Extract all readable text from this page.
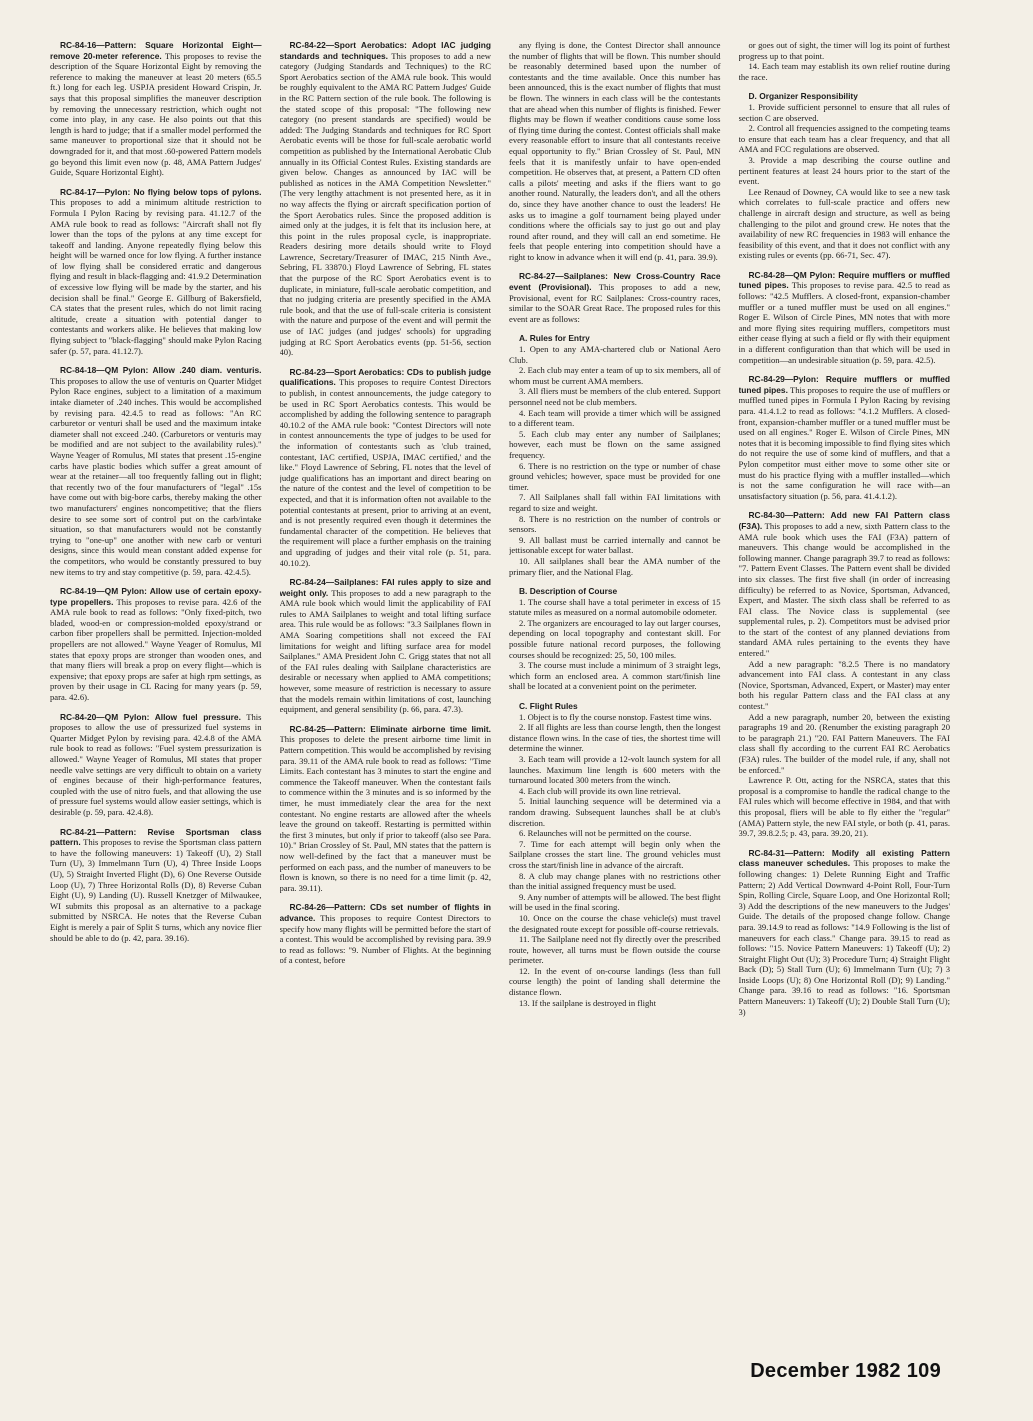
RC-84-16—Pattern: Square Horizontal Eight—remove 20-meter reference. This proposes to revise the description of the Square Horizontal Eight by removing the reference to making the maneuver at least 20 meters (65.5 ft.) long for each leg. USPJA president Howard Crispin, Jr. says that this proposal simplifies the maneuver description by removing the unnecessary restriction, which ought not come into play, in any case. He also points out that this length is hard to judge; that if a smaller model performed the same maneuver to proportional size that it should not be downgraded for it, and that most .60-powered Pattern models go beyond this limit even now (p. 48, AMA Pattern Judges' Guide, Square Horizontal Eight).

RC-84-17—Pylon: No flying below tops of pylons. This proposes to add a minimum altitude restriction to Formula I Pylon Racing by revising para. 41.12.7 of the AMA rule book to read as follows: "Aircraft shall not fly lower than the tops of the pylons at any time except for takeoff and landing. Anyone repeatedly flying below this height will be warned once for low flying. A further instance of low flying shall be considered erratic and dangerous flying and result in black-flagging and: 41.9.2 Determination of excessive low flying will be made by the starter, and his decision shall be final." George E. Gillburg of Bakersfield, CA states that the present rules, which do not limit racing altitude, create a situation with potential danger to contestants and workers alike. He believes that making low flying subject to "black-flagging" should make Pylon Racing safer (p. 57, para. 41.12.7).

RC-84-18—QM Pylon: Allow .240 diam. venturis. This proposes to allow the use of venturis on Quarter Midget Pylon Race engines, subject to a limitation of a maximum intake diameter of .240 inches. This would be accomplished by revising para. 42.4.5 to read as follows: "An RC carburetor or venturi shall be used and the maximum intake diameter shall not exceed .240. (Carburetors or venturis may be modified and are not subject to the availability rules)." Wayne Yeager of Romulus, MI states that present .15-engine carbs have plastic bodies which suffer a great amount of wear at the retainer—all too frequently falling out in flight; that recently two of the four manufacturers of "legal" .15s have come out with big-bore carbs, thereby making the other two manufacturers' engines noncompetitive; that the fliers desire to see some sort of control put on the carb/intake situation, so that manufacturers would not be constantly trying to "one-up" one another with new carb or venturi designs, since this would mean constant added expense for the competitors, who would be constantly pressured to buy new items to try and stay competitive (p. 59, para. 42.4.5).

RC-84-19—QM Pylon: Allow use of certain epoxy-type propellers. This proposes to revise para. 42.6 of the AMA rule book to read as follows: "Only fixed-pitch, two bladed, wood-en or compression-molded epoxy/strand or carbon fiber propellers shall be permitted. Injection-molded propellers are not allowed." Wayne Yeager of Romulus, MI states that epoxy props are stronger than wooden ones, and that many fliers will break a prop on every flight—which is expensive; that epoxy props are safer at high rpm settings, as proven by their usage in CL Racing for many years (p. 59, para. 42.6).

RC-84-20—QM Pylon: Allow fuel pressure. This proposes to allow the use of pressurized fuel systems in Quarter Midget Pylon by revising para. 42.4.8 of the AMA rule book to read as follows: "Fuel system pressurization is allowed." Wayne Yeager of Romulus, MI states that proper needle valve settings are very difficult to obtain on a variety of engines because of their high-performance features, coupled with the use of nitro fuels, and that allowing the use of pressure fuel systems would allow easier settings, which is desirable (p. 59, para. 42.4.8).

RC-84-21—Pattern: Revise Sportsman class pattern. This proposes to revise the Sportsman class pattern to have the following maneuvers: 1) Takeoff (U), 2) Stall Turn (U), 3) Immelmann Turn (U), 4) Three Inside Loops (U), 5) Straight Inverted Flight (D), 6) One Reverse Outside Loop (U), 7) Three Horizontal Rolls (D), 8) Reverse Cuban Eight (U), 9) Landing (U). Russell Knetzger of Milwaukee, WI submits this proposal as an alternative to a package submitted by NSRCA. He notes that the Reverse Cuban Eight is merely a pair of Split S turns, which any novice flier should be able to do (p. 42, para. 39.16).

RC-84-22—Sport Aerobatics: Adopt IAC judging standards and techniques. This proposes to add a new category (Judging Standards and Techniques) to the RC Sport Aerobatics section of the AMA rule book. This would be roughly equivalent to the AMA RC Pattern Judges' Guide in the RC Pattern section of the rule book. The following is the stated scope of this proposal: "The following new category (no present standards are specified) would be added: The Judging Standards and techniques for RC Sport Aerobatic events will be those for full-scale aerobatic world competition as published by the International Aerobatic Club annually in its Official Contest Rules. Existing standards are given below. Changes as announced by IAC will be published as notices in the AMA Competition Newsletter." (The very lengthy attachment is not presented here, as it in no way affects the flying or aircraft specification portion of the Sport Aerobatics rules. Since the proposed addition is aimed only at the judges, it is felt that its inclusion here, at this point in the rules proposal cycle, is inappropriate. Readers desiring more details should write to Floyd Lawrence, Secretary/Treasurer of IMAC, 215 Ninth Ave., Sebring, FL 33870.) Floyd Lawrence of Sebring, FL states that the purpose of the RC Sport Aerobatics event is to duplicate, in miniature, full-scale aerobatic competition, and that no judging criteria are presently specified in the AMA rule book, and that the use of full-scale criteria is consistent with the nature and purpose of the event and will permit the use of IAC judges (and judges' schools) for upgrading judging at RC Sport Aerobatics events (pp. 51-56, section 40).

RC-84-23—Sport Aerobatics: CDs to publish judge qualifications. This proposes to require Contest Directors to publish, in contest announcements, the judge category to be used in RC Sport Aerobatics contests. This would be accomplished by adding the following sentence to paragraph 40.10.2 of the AMA rule book: "Contest Directors will note in contest announcements the type of judges to be used for the information of contestants such as 'club trained, contestant, IAC certified, USPJA, IMAC certified,' and the like." Floyd Lawrence of Sebring, FL notes that the level of judge qualifications has an important and direct bearing on the nature of the contest and the level of competition to be expected, and that it is information often not available to the potential contestants at present, prior to arriving at an event, and is not presently required even though it determines the fundamental character of the competition. He believes that the requirement will place a further emphasis on the training and upgrading of judges and their vital role (p. 51, para. 40.10.2).

RC-84-24—Sailplanes: FAI rules apply to size and weight only. This proposes to add a new paragraph to the AMA rule book which would limit the applicability of FAI rules to AMA Sailplanes to weight and total lifting surface area. This rule would be as follows: "3.3 Sailplanes flown in AMA Soaring competitions shall not exceed the FAI limitations for weight and lifting surface area for model Sailplanes." AMA President John C. Grigg states that not all of the FAI rules dealing with Sailplane characteristics are desirable or necessary when applied to AMA competitions; however, some measure of restriction is necessary to assure that the models remain within limitations of cost, launching equipment, and general sensibility (p. 66, para. 47.3).

RC-84-25—Pattern: Eliminate airborne time limit. This proposes to delete the present airborne time limit in Pattern competition. This would be accomplished by revising para. 39.11 of the AMA rule book to read as follows: "Time Limits. Each contestant has 3 minutes to start the engine and commence the Takeoff maneuver. When the contestant fails to commence within the 3 minutes and is so informed by the timer, he must immediately clear the area for the next contestant. No engine restarts are allowed after the wheels leave the ground on takeoff. Restarting is permitted within the first 3 minutes, but only if prior to takeoff (also see Para. 10)." Brian Crossley of St. Paul, MN states that the pattern is now well-defined by the fact that a maneuver must be performed on each pass, and the number of maneuvers to be flown is known, so there is no need for a time limit (p. 42, para. 39.11).

RC-84-26—Pattern: CDs set number of flights in advance. This proposes to require Contest Directors to specify how many flights will be permitted before the start of a contest. This would be accomplished by revising para. 39.9 to read as follows: "9. Number of Flights. At the beginning of a contest, before

any flying is done, the Contest Director shall announce the number of flights that will be flown. This number should be reasonably determined based upon the number of contestants and the time available. Once this number has been announced, this is the exact number of flights that must be flown. The winners in each class will be the contestants that are ahead when this number of flights is finished. Fewer flights may be flown if weather conditions cause some loss of flying time during the contest. Contest officials shall make every reasonable effort to insure that all contestants receive equal opportunity to fly." Brian Crossley of St. Paul, MN feels that it is manifestly unfair to have open-ended competition. He observes that, at present, a Pattern CD often calls a pilots' meeting and asks if the fliers want to go another round. Naturally, the leaders don't, and all the others do, since they have another chance to oust the leaders! He asks us to imagine a golf tournament being played under conditions where the officials say to just go out and play round after round, and they will call an end sometime. He feels that people entering into competition should have a right to know in advance when it will end (p. 41, para. 39.9).

RC-84-27—Sailplanes: New Cross-Country Race event (Provisional). This proposes to add a new, Provisional, event for RC Sailplanes: Cross-country races, similar to the SOAR Great Race. The proposed rules for this event are as follows:

A. Rules for Entry

1. Open to any AMA-chartered club or National Aero Club.

2. Each club may enter a team of up to six members, all of whom must be current AMA members.

3. All fliers must be members of the club entered. Support personnel need not be club members.

4. Each team will provide a timer which will be assigned to a different team.

5. Each club may enter any number of Sailplanes; however, each must be flown on the same assigned frequency.

6. There is no restriction on the type or number of chase ground vehicles; however, space must be provided for one timer.

7. All Sailplanes shall fall within FAI limitations with regard to size and weight.

8. There is no restriction on the number of controls or sensors.

9. All ballast must be carried internally and cannot be jettisonable except for water ballast.

10. All sailplanes shall bear the AMA number of the primary flier, and the National Flag.

B. Description of Course

1. The course shall have a total perimeter in excess of 15 statute miles as measured on a normal automobile odometer.

2. The organizers are encouraged to lay out larger courses, depending on local topography and contestant skill. For possible future national record purposes, the following courses should be recognized: 25, 50, 100 miles.

3. The course must include a minimum of 3 straight legs, which form an enclosed area. A common start/finish line shall be located at a convenient point on the perimeter.

C. Flight Rules

1. Object is to fly the course nonstop. Fastest time wins.

2. If all flights are less than course length, then the longest distance flown wins. In the case of ties, the shortest time will determine the winner.

3. Each team will provide a 12-volt launch system for all launches. Maximum line length is 600 meters with the turnaround located 300 meters from the winch.

4. Each club will provide its own line retrieval.

5. Initial launching sequence will be determined via a random drawing. Subsequent launches shall be at club's discretion.

6. Relaunches will not be permitted on the course.

7. Time for each attempt will begin only when the Sailplane crosses the start line. The ground vehicles must cross the start/finish line in advance of the aircraft.

8. A club may change planes with no restrictions other than the initial assigned frequency must be used.

9. Any number of attempts will be allowed. The best flight will be used in the final scoring.

10. Once on the course the chase vehicle(s) must travel the designated route except for possible off-course retrievals.

11. The Sailplane need not fly directly over the prescribed route, however, all turns must be flown outside the course perimeter.

12. In the event of on-course landings (less than full course length) the point of landing shall determine the distance flown.

13. If the sailplane is destroyed in flight

or goes out of sight, the timer will log its point of furthest progress up to that point.

14. Each team may establish its own relief routine during the race.

D. Organizer Responsibility

1. Provide sufficient personnel to ensure that all rules of section C are observed.

2. Control all frequencies assigned to the competing teams to ensure that each team has a clear frequency, and that all AMA and FCC regulations are observed.

3. Provide a map describing the course outline and pertinent features at least 24 hours prior to the start of the event.

Lee Renaud of Downey, CA would like to see a new task which correlates to full-scale practice and offers new challenge in aircraft design and structure, as well as being challenging to the pilot and ground crew. He notes that the availability of new RC frequencies in 1983 will enhance the feasibility of this event, and that it does not conflict with any existing rules or events (pp. 66-71, Sec. 47).

RC-84-28—QM Pylon: Require mufflers or muffled tuned pipes. This proposes to revise para. 42.5 to read as follows: "42.5 Mufflers. A closed-front, expansion-chamber muffler or a tuned muffler must be used on all engines." Roger E. Wilson of Circle Pines, MN notes that with more and more flying sites requiring mufflers, competitors must either cease flying at such a field or fly with their equipment in a different configuration than that which will be used in competition—an undesirable situation (p. 59, para. 42.5).

RC-84-29—Pylon: Require mufflers or muffled tuned pipes. This proposes to require the use of mufflers or muffled tuned pipes in Formula I Pylon Racing by revising para. 41.4.1.2 to read as follows: "4.1.2 Mufflers. A closed-front, expansion-chamber muffler or a tuned muffler must be used on all engines." Roger E. Wilson of Circle Pines, MN notes that it is becoming impossible to find flying sites which do not require the use of some kind of mufflers, and that a Pylon competitor must either move to some other site or must do his practice flying with a muffler installed—which is not the same configuration he will race with—an unsatisfactory situation (p. 56, para. 41.4.1.2).

RC-84-30—Pattern: Add new FAI Pattern class (F3A). This proposes to add a new, sixth Pattern class to the AMA rule book which uses the FAI (F3A) pattern of maneuvers. This change would be accomplished in the following manner. Change paragraph 39.7 to read as follows: "7. Pattern Event Classes. The Pattern event shall be divided into six classes. The first five shall (in order of increasing difficulty) be referred to as Novice, Sportsman, Advanced, Expert, and Master. The sixth class shall be referred to as FAI class. The Novice class is supplemental (see supplemental rules, p. 2). Competitors must be advised prior to the start of the contest of any planned deviations from standard AMA rules pertaining to the events they have entered."

Add a new paragraph: "8.2.5 There is no mandatory advancement into FAI class. A contestant in any class (Novice, Sportsman, Advanced, Expert, or Master) may enter both his regular Pattern class and the FAI class at any contest."

Add a new paragraph, number 20, between the existing paragraphs 19 and 20. (Renumber the existing paragraph 20 to be paragraph 21.) "20. FAI Pattern Maneuvers. The FAI class shall fly according to the current FAI RC Aerobatics (F3A) rules. The builder of the model rule, if any, shall not be enforced."

Lawrence P. Ott, acting for the NSRCA, states that this proposal is a compromise to handle the radical change to the FAI rules which will become effective in 1984, and that with this proposal, fliers will be able to fly either the "regular" (AMA) Pattern style, the new FAI style, or both (p. 41, paras. 39.7, 39.8.2.5; p. 43, para. 39.20, 21).

RC-84-31—Pattern: Modify all existing Pattern class maneuver schedules. This proposes to make the following changes: 1) Delete Running Eight and Traffic Pattern; 2) Add Vertical Downward 4-Point Roll, Four-Turn Spin, Rolling Circle, Square Loop, and One Horizontal Roll; 3) Add the descriptions of the new maneuvers to the Judges' Guide. The details of the proposed change follow. Change para. 39.14.9 to read as follows: "14.9 Following is the list of maneuvers for each class." Change para. 39.15 to read as follows: "15. Novice Pattern Maneuvers: 1) Takeoff (U); 2) Straight Flight Out (U); 3) Procedure Turn; 4) Straight Flight Back (D); 5) Stall Turn (U); 6) Immelmann Turn (U); 7) 3 Inside Loops (U); 8) One Horizontal Roll (D); 9) Landing." Change para. 39.16 to read as follows: "16. Sportsman Pattern Maneuvers: 1) Takeoff (U); 2) Double Stall Turn (U); 3)

December 1982 109
